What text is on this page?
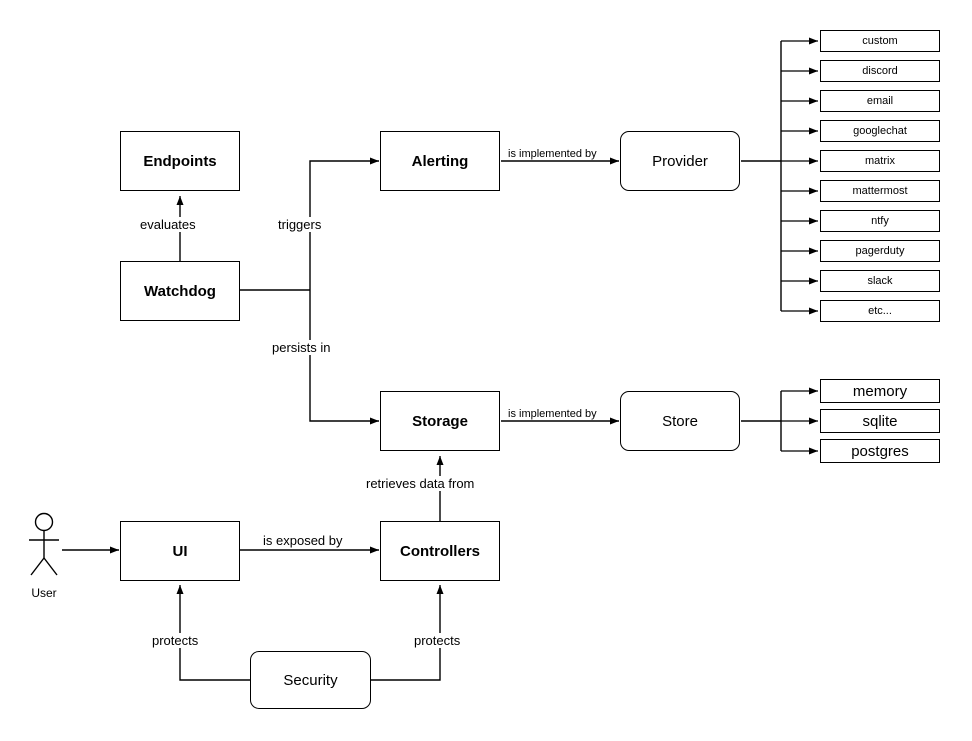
User
Endpoints
Watchdog
Alerting	Provider
Storage	Store
UI	Controllers
Security
custom
discord
email
googlechat
matrix
mattermost
ntfy
pagerduty
slack
etc...
memory
sqlite
postgres
evaluates	triggers
persists in
is implemented by
is implemented by
retrieves data from
is exposed by
protects	protects
